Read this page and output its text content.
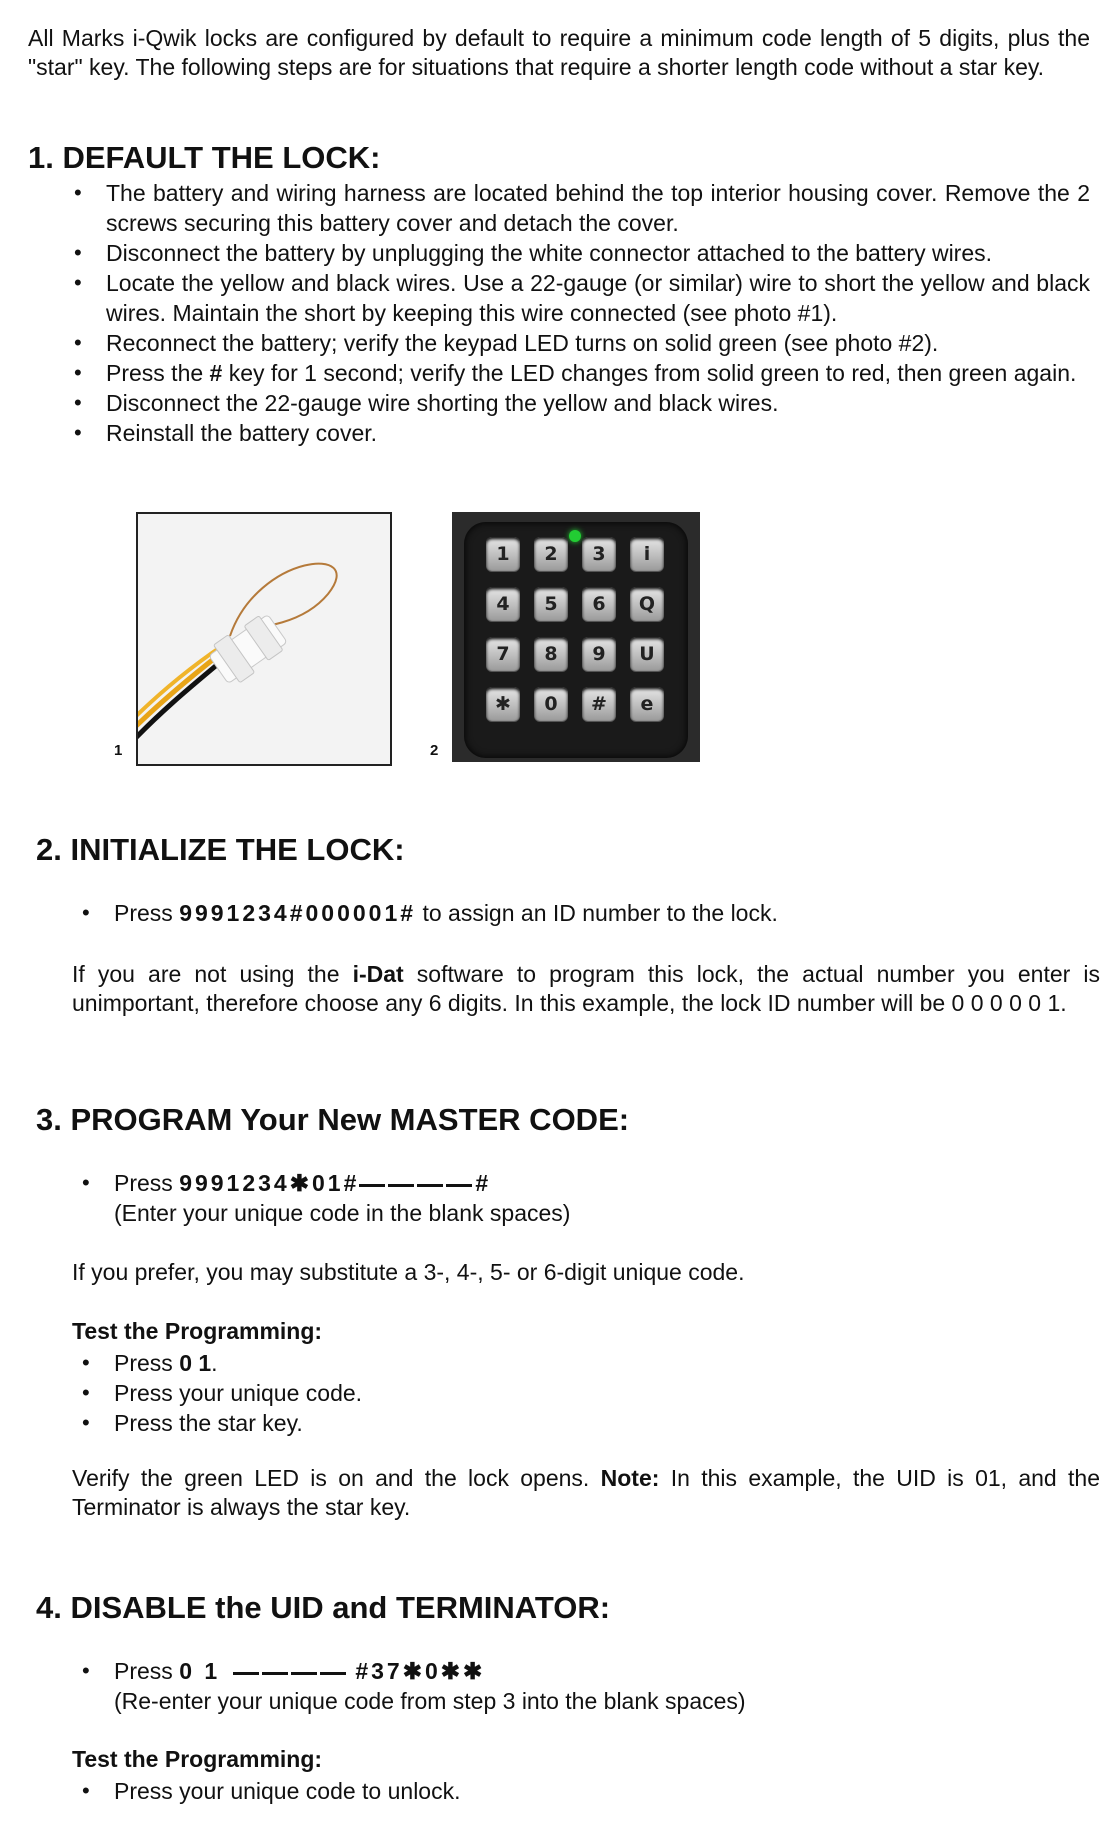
All Marks i-Qwik locks are configured by default to require a minimum code length of 5 digits, plus the "star" key. The following steps are for situations that require a shorter length code without a star key.
1. DEFAULT THE LOCK:
• The battery and wiring harness are located behind the top interior housing cover. Remove the 2 screws securing this battery cover and detach the cover.
• Disconnect the battery by unplugging the white connector attached to the battery wires.
• Locate the yellow and black wires. Use a 22-gauge (or similar) wire to short the yellow and black wires. Maintain the short by keeping this wire connected (see photo #1).
• Reconnect the battery; verify the keypad LED turns on solid green (see photo #2).
• Press the # key for 1 second; verify the LED changes from solid green to red, then green again.
• Disconnect the 22-gauge wire shorting the yellow and black wires.
• Reinstall the battery cover.
1
1	2	3	i
4	5	6	Q
7	8	9	U
✱	0	#	e
2
2. INITIALIZE THE LOCK:
• Press 9991234#000001# to assign an ID number to the lock.
If you are not using the i-Dat software to program this lock, the actual number you enter is unimportant, therefore choose any 6 digits. In this example, the lock ID number will be 0 0 0 0 0 1.
3. PROGRAM Your New MASTER CODE:
• Press 9991234✱01#	#
(Enter your unique code in the blank spaces)
If you prefer, you may substitute a 3-, 4-, 5- or 6-digit unique code.
Test the Programming:
• Press 0 1.
• Press your unique code.
• Press the star key.
Verify the green LED is on and the lock opens. Note: In this example, the UID is 01, and the Terminator is always the star key.
4. DISABLE the UID and TERMINATOR:
• Press 0 1	#37✱0✱✱
(Re-enter your unique code from step 3 into the blank spaces)
Test the Programming:
• Press your unique code to unlock.
